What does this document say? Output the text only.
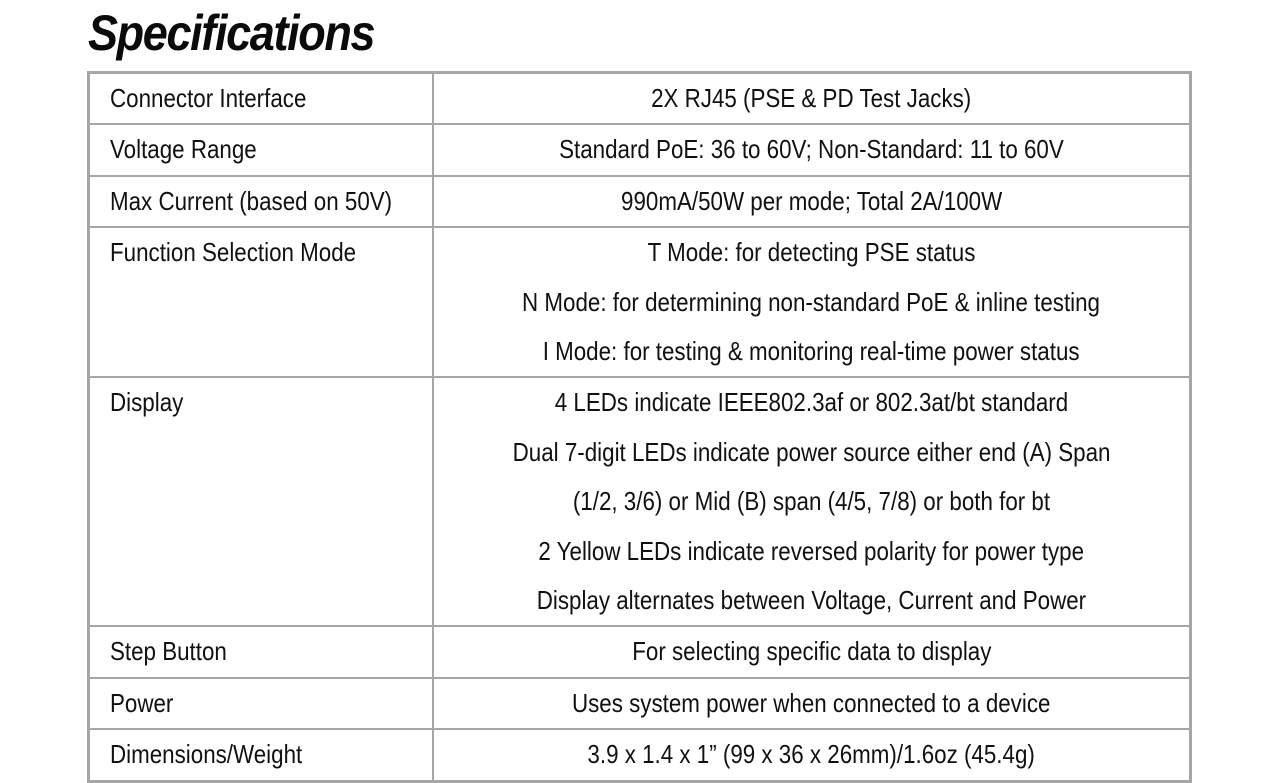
Specifications
Connector Interface	2X RJ45 (PSE & PD Test Jacks)

Voltage Range	Standard PoE: 36 to 60V; Non-Standard: 11 to 60V

Max Current (based on 50V)	990mA/50W per mode; Total 2A/100W

Function Selection Mode	T Mode: for detecting PSE status
N Mode: for determining non-standard PoE & inline testing
I Mode: for testing & monitoring real-time power status

Display	4 LEDs indicate IEEE802.3af or 802.3at/bt standard
Dual 7-digit LEDs indicate power source either end (A) Span
(1/2, 3/6) or Mid (B) span (4/5, 7/8) or both for bt
2 Yellow LEDs indicate reversed polarity for power type
Display alternates between Voltage, Current and Power

Step Button	For selecting specific data to display

Power	Uses system power when connected to a device

Dimensions/Weight	3.9 x 1.4 x 1” (99 x 36 x 26mm)/1.6oz (45.4g)
